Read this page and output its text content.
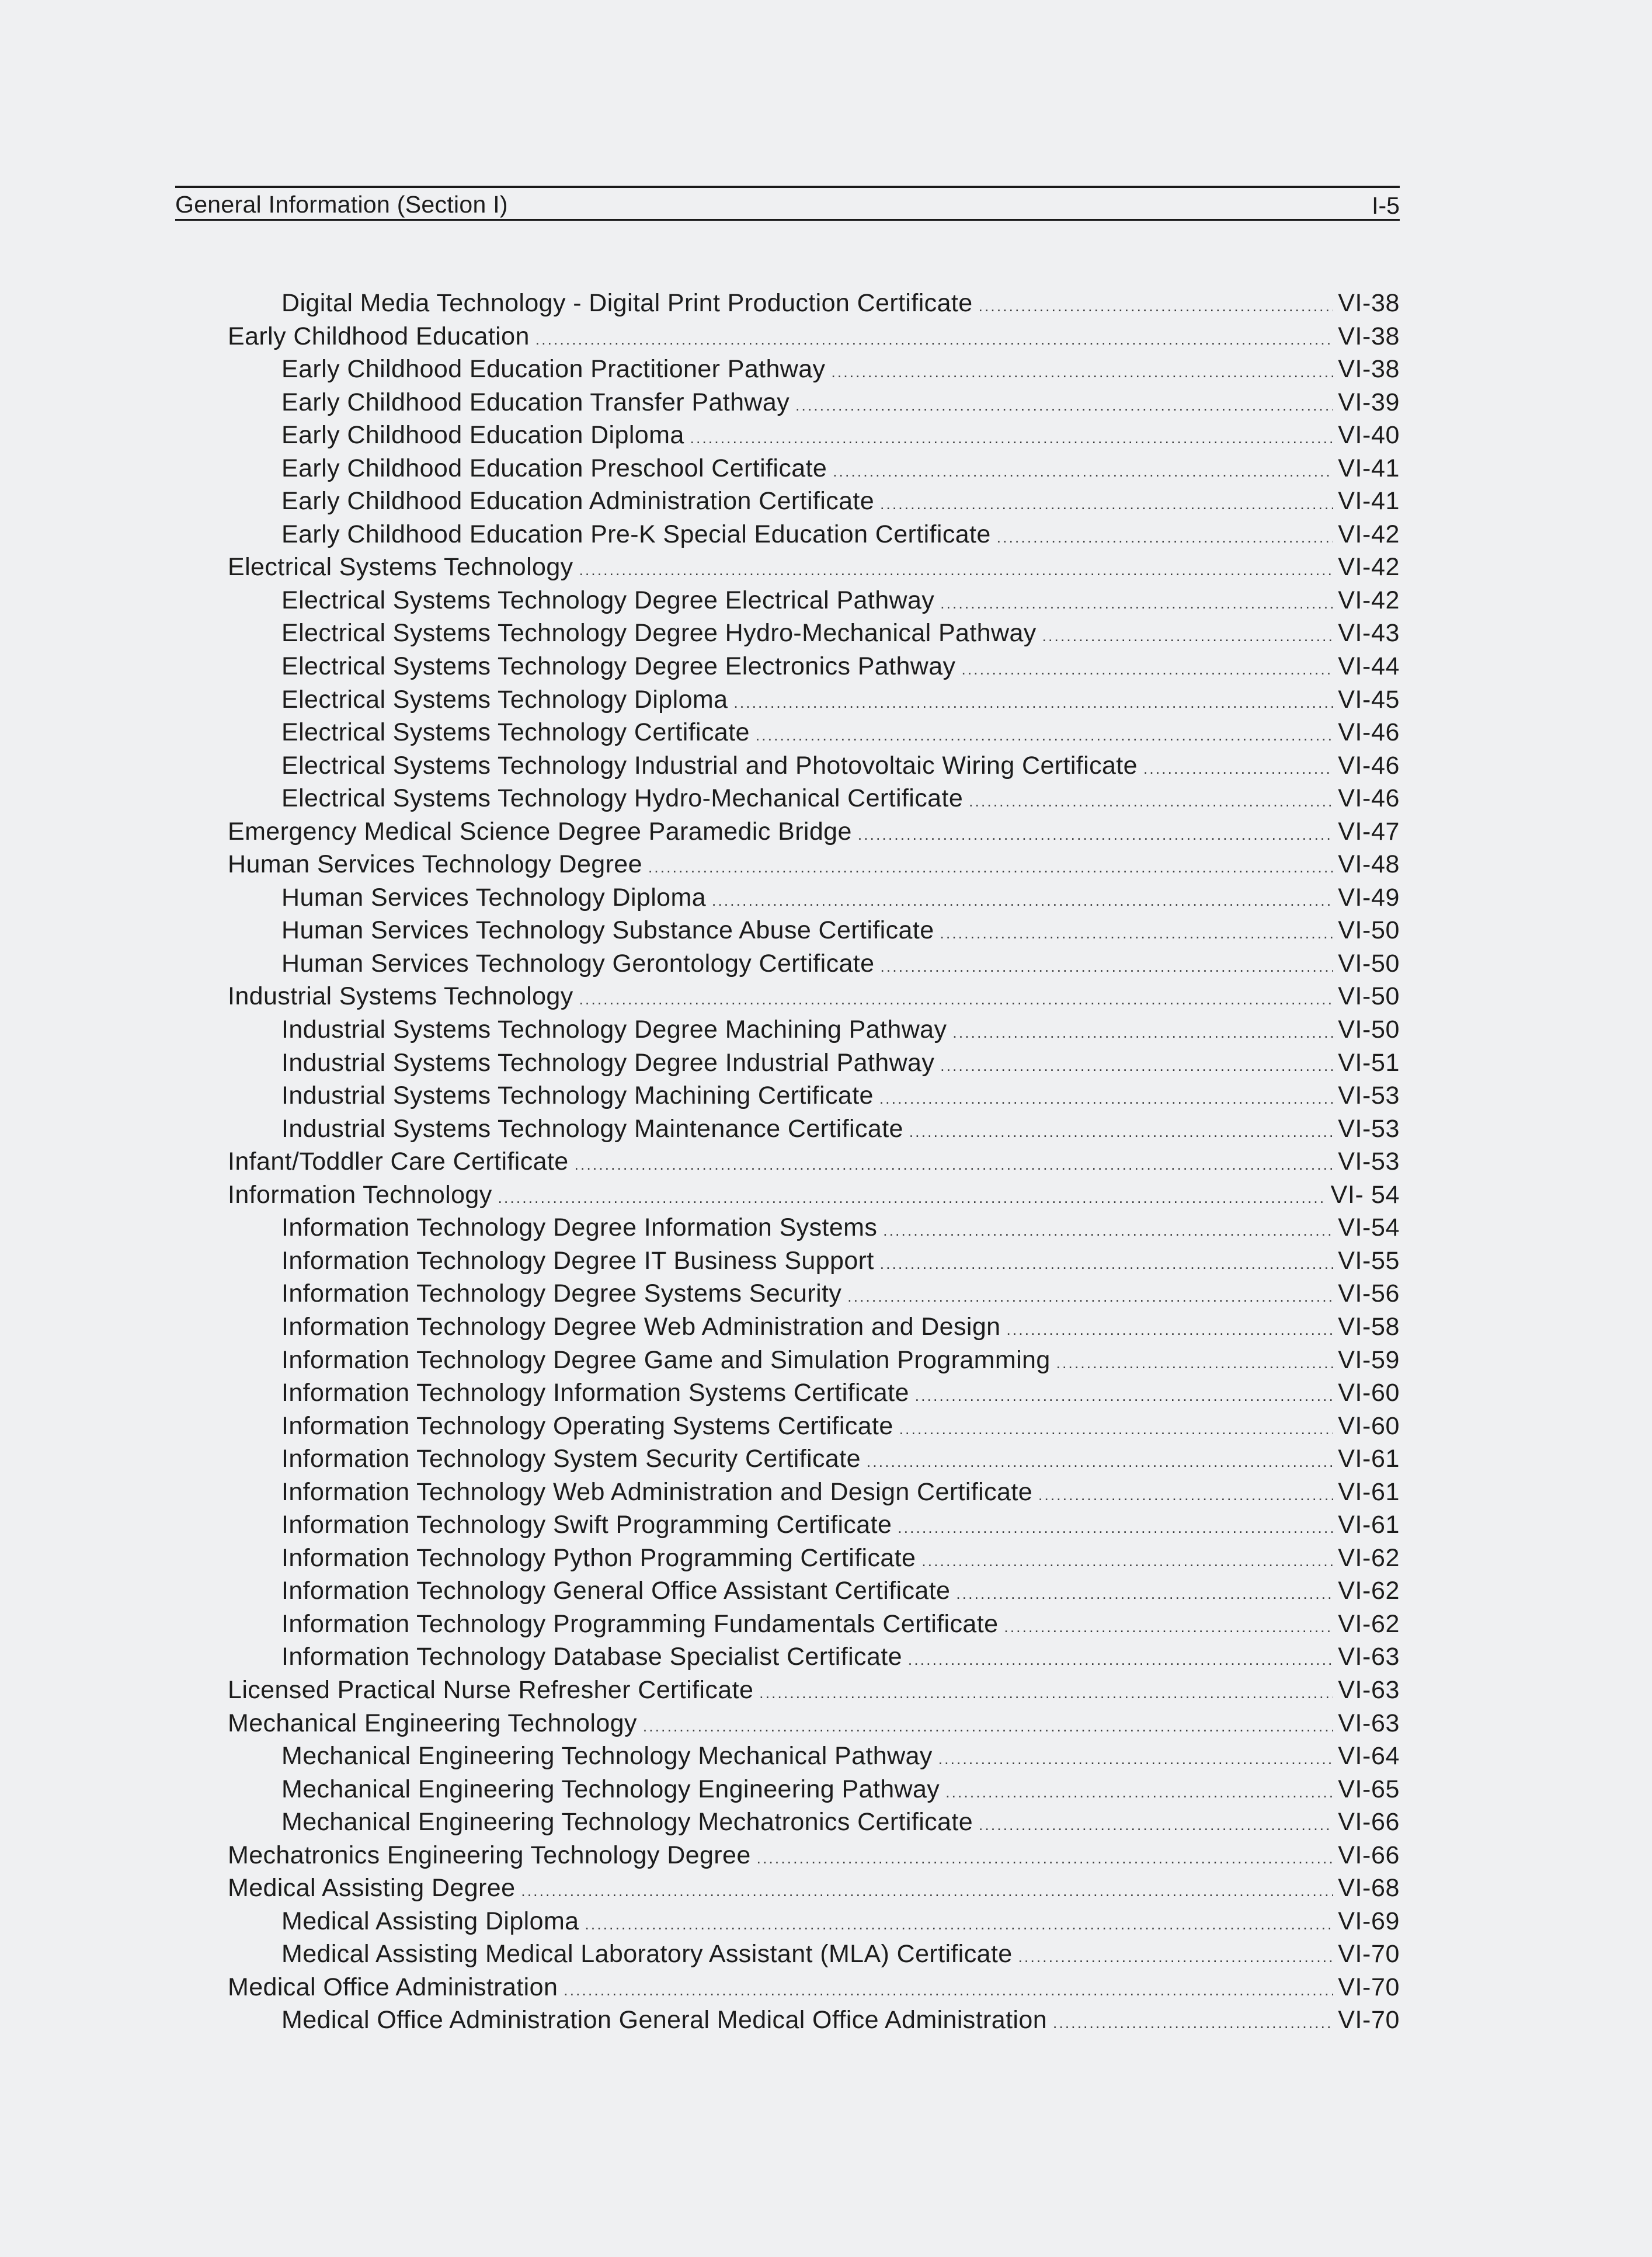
General Information (Section I)	I-5
Digital Media Technology - Digital Print Production Certificate .....	VI-38
Early Childhood Education .....	VI-38
Early Childhood Education Practitioner Pathway .....	VI-38
Early Childhood Education Transfer Pathway .....	VI-39
Early Childhood Education Diploma .....	VI-40
Early Childhood Education Preschool Certificate .....	VI-41
Early Childhood Education Administration Certificate .....	VI-41
Early Childhood Education Pre-K Special Education Certificate .....	VI-42
Electrical Systems Technology .....	VI-42
Electrical Systems Technology Degree Electrical Pathway .....	VI-42
Electrical Systems Technology Degree Hydro-Mechanical Pathway .....	VI-43
Electrical Systems Technology Degree Electronics Pathway .....	VI-44
Electrical Systems Technology Diploma .....	VI-45
Electrical Systems Technology Certificate .....	VI-46
Electrical Systems Technology Industrial and Photovoltaic Wiring Certificate .....	VI-46
Electrical Systems Technology Hydro-Mechanical Certificate .....	VI-46
Emergency Medical Science Degree Paramedic Bridge .....	VI-47
Human Services Technology Degree .....	VI-48
Human Services Technology Diploma .....	VI-49
Human Services Technology Substance Abuse Certificate .....	VI-50
Human Services Technology Gerontology Certificate .....	VI-50
Industrial Systems Technology .....	VI-50
Industrial Systems Technology Degree Machining Pathway .....	VI-50
Industrial Systems Technology Degree Industrial Pathway .....	VI-51
Industrial Systems Technology Machining Certificate .....	VI-53
Industrial Systems Technology Maintenance Certificate .....	VI-53
Infant/Toddler Care Certificate .....	VI-53
Information Technology .....	VI- 54
Information Technology Degree Information Systems .....	VI-54
Information Technology Degree IT Business Support .....	VI-55
Information Technology Degree Systems Security .....	VI-56
Information Technology Degree Web Administration and Design .....	VI-58
Information Technology Degree Game and Simulation Programming .....	VI-59
Information Technology Information Systems Certificate .....	VI-60
Information Technology Operating Systems Certificate .....	VI-60
Information Technology System Security Certificate .....	VI-61
Information Technology Web Administration and Design Certificate .....	VI-61
Information Technology Swift Programming Certificate .....	VI-61
Information Technology Python Programming Certificate .....	VI-62
Information Technology General Office Assistant Certificate .....	VI-62
Information Technology Programming Fundamentals Certificate .....	VI-62
Information Technology Database Specialist Certificate .....	VI-63
Licensed Practical Nurse Refresher Certificate .....	VI-63
Mechanical Engineering Technology .....	VI-63
Mechanical Engineering Technology Mechanical Pathway .....	VI-64
Mechanical Engineering Technology Engineering Pathway .....	VI-65
Mechanical Engineering Technology Mechatronics Certificate .....	VI-66
Mechatronics Engineering Technology Degree .....	VI-66
Medical Assisting Degree .....	VI-68
Medical Assisting Diploma .....	VI-69
Medical Assisting Medical Laboratory Assistant (MLA) Certificate .....	VI-70
Medical Office Administration .....	VI-70
Medical Office Administration General Medical Office Administration .....	VI-70
